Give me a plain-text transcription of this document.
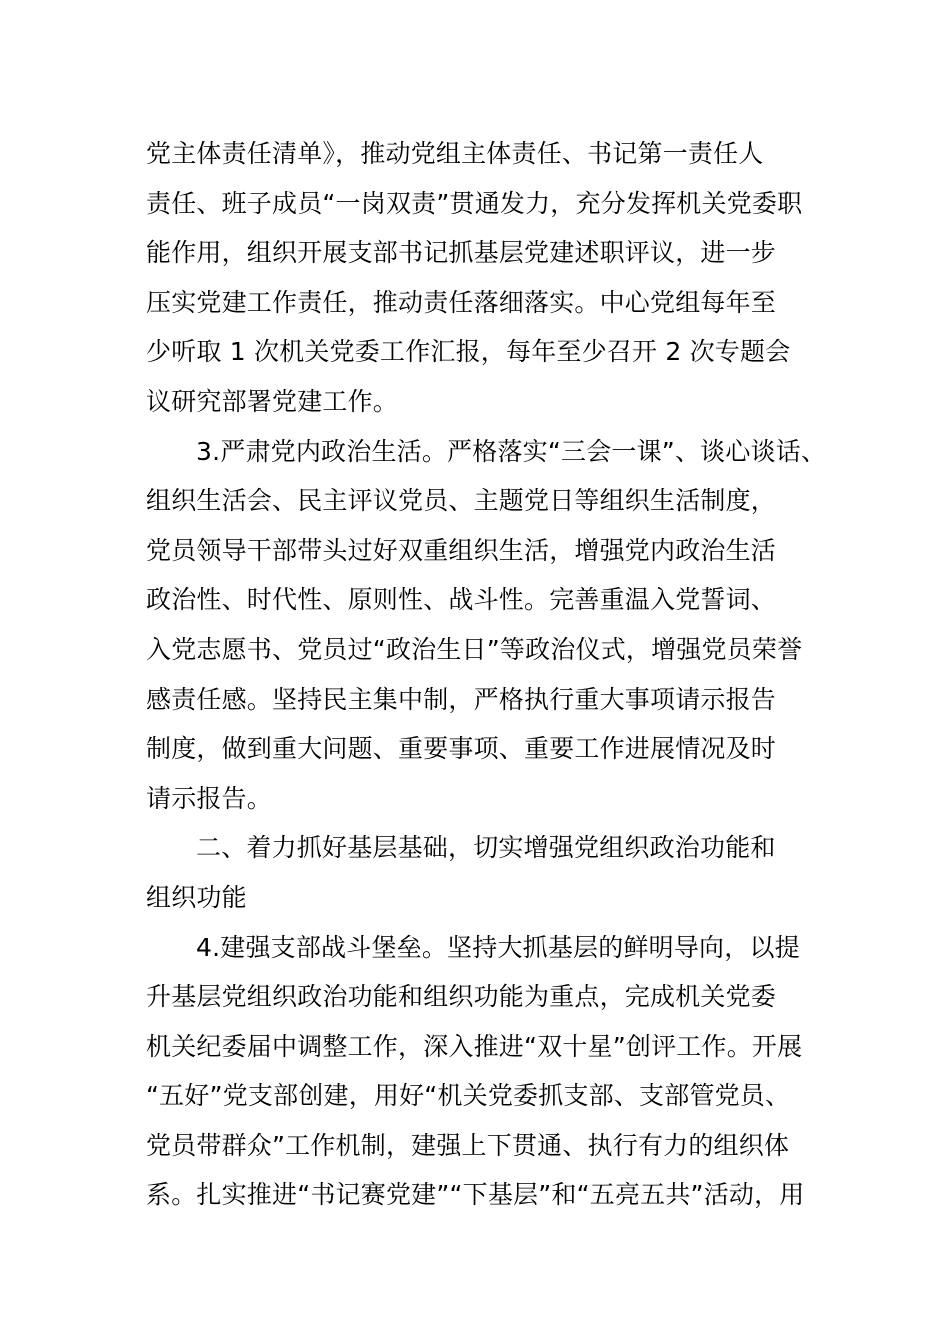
党主体责任清单》，推动党组主体责任、书记第一责任人
责任、班子成员“一岗双责”贯通发力，充分发挥机关党委职
能作用，组织开展支部书记抓基层党建述职评议，进一步
压实党建工作责任，推动责任落细落实。中心党组每年至
少听取 1 次机关党委工作汇报，每年至少召开 2 次专题会
议研究部署党建工作。
3.严肃党内政治生活。严格落实“三会一课”、谈心谈话、
组织生活会、民主评议党员、主题党日等组织生活制度，
党员领导干部带头过好双重组织生活，增强党内政治生活
政治性、时代性、原则性、战斗性。完善重温入党誓词、
入党志愿书、党员过“政治生日”等政治仪式，增强党员荣誉
感责任感。坚持民主集中制，严格执行重大事项请示报告
制度，做到重大问题、重要事项、重要工作进展情况及时
请示报告。
二、着力抓好基层基础，切实增强党组织政治功能和
组织功能
4.建强支部战斗堡垒。坚持大抓基层的鲜明导向，以提
升基层党组织政治功能和组织功能为重点，完成机关党委
机关纪委届中调整工作，深入推进“双十星”创评工作。开展
“五好”党支部创建，用好“机关党委抓支部、支部管党员、
党员带群众”工作机制，建强上下贯通、执行有力的组织体
系。扎实推进“书记赛党建”“下基层”和“五亮五共”活动，用
